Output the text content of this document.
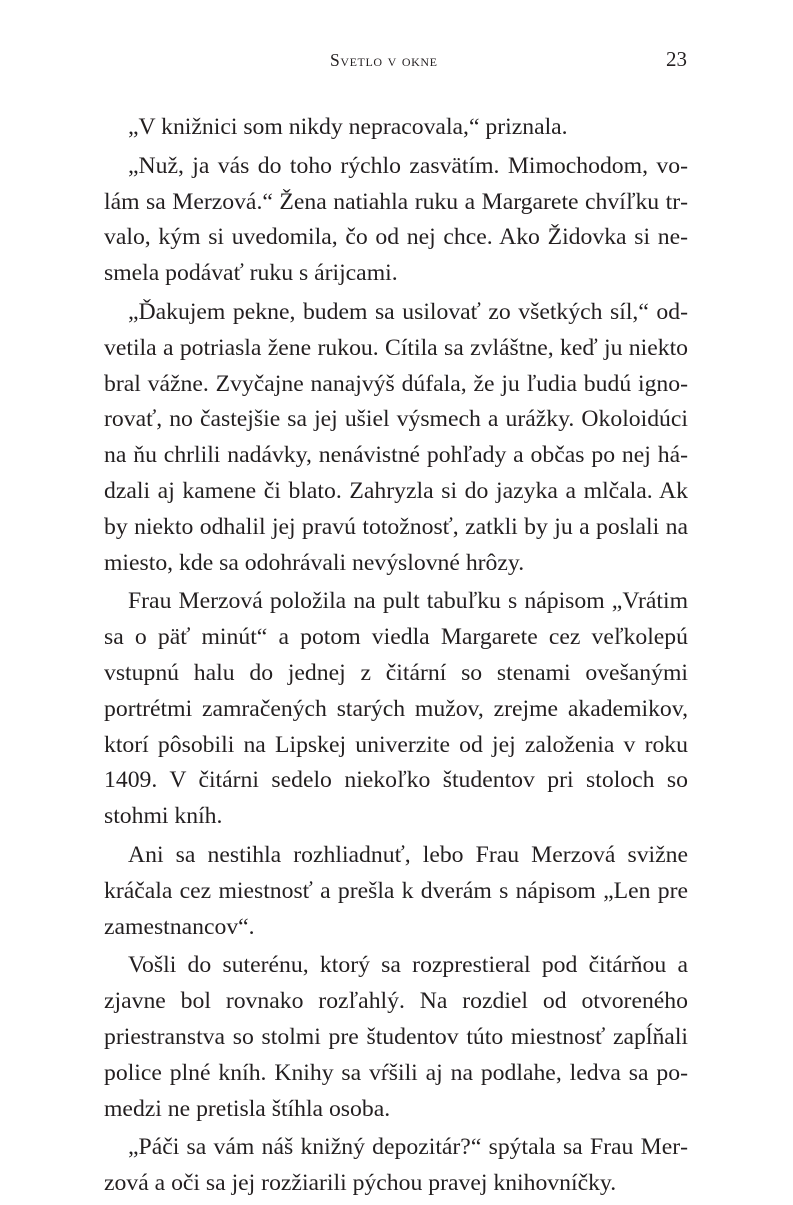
Svetlo v okne	23

„V knižnici som nikdy nepracovala,“ priznala.

„Nuž, ja vás do toho rýchlo zasvätím. Mimochodom, volám sa Merzová.“ Žena natiahla ruku a Margarete chvíľku trvalo, kým si uvedomila, čo od nej chce. Ako Židovka si nesmela podávať ruku s árijcami.

„Ďakujem pekne, budem sa usilovať zo všetkých síl,“ odvetila a potriasla žene rukou. Cítila sa zvláštne, keď ju niekto bral vážne. Zvyčajne nanajvýš dúfala, že ju ľudia budú ignorovať, no častejšie sa jej ušiel výsmech a urážky. Okoloidúci na ňu chrlili nadávky, nenávistné pohľady a občas po nej hádzali aj kamene či blato. Zahryzla si do jazyka a mlčala. Ak by niekto odhalil jej pravú totožnosť, zatkli by ju a poslali na miesto, kde sa odohrávali nevýslovné hrôzy.

Frau Merzová položila na pult tabuľku s nápisom „Vrátim sa o päť minút“ a potom viedla Margarete cez veľkolepú vstupnú halu do jednej z čitární so stenami ovešanými portrétmi zamračených starých mužov, zrejme akademikov, ktorí pôsobili na Lipskej univerzite od jej založenia v roku 1409. V čitárni sedelo niekoľko študentov pri stoloch so stohmi kníh.

Ani sa nestihla rozhliadnuť, lebo Frau Merzová svižne kráčala cez miestnosť a prešla k dverám s nápisom „Len pre zamestnancov“.

Vošli do suterénu, ktorý sa rozprestieral pod čitárňou a zjavne bol rovnako rozľahlý. Na rozdiel od otvoreného priestranstva so stolmi pre študentov túto miestnosť zapĺňali police plné kníh. Knihy sa vŕšili aj na podlahe, ledva sa pomedzi ne pretisla štíhla osoba.

„Páči sa vám náš knižný depozitár?“ spýtala sa Frau Merzová a oči sa jej rozžiarili pýchou pravej knihovníčky.
